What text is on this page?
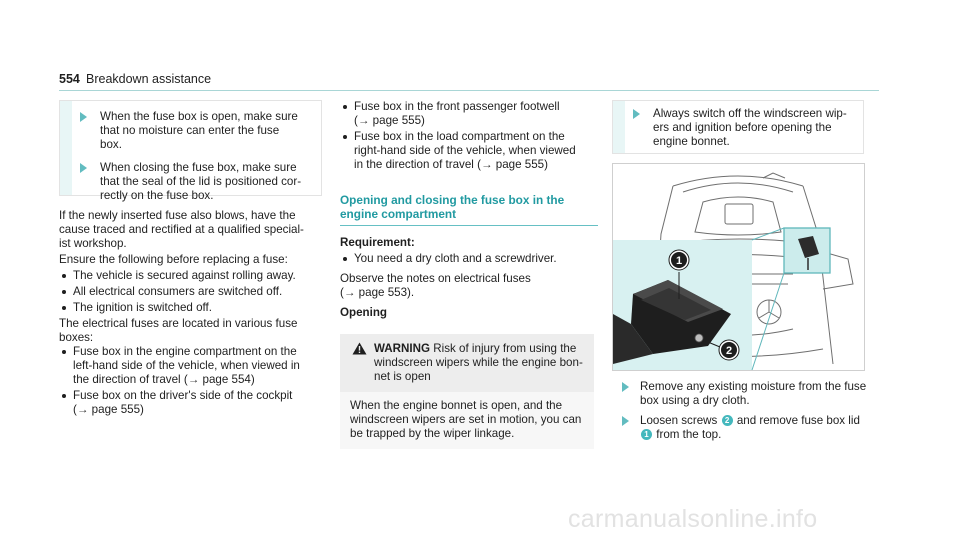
554 Breakdown assistance
When the fuse box is open, make sure
that no moisture can enter the fuse
box.
When closing the fuse box, make sure
that the seal of the lid is positioned cor-
rectly on the fuse box.
If the newly inserted fuse also blows, have the
cause traced and rectified at a qualified special-
ist workshop.
Ensure the following before replacing a fuse:
The vehicle is secured against rolling away.
All electrical consumers are switched off.
The ignition is switched off.
The electrical fuses are located in various fuse
boxes:
Fuse box in the engine compartment on the
left-hand side of the vehicle, when viewed in
the direction of travel (→ page 554)
Fuse box on the driver's side of the cockpit
(→ page 555)
Fuse box in the front passenger footwell
(→ page 555)
Fuse box in the load compartment on the
right-hand side of the vehicle, when viewed
in the direction of travel (→ page 555)
Opening and closing the fuse box in the
engine compartment
Requirement:
You need a dry cloth and a screwdriver.
Observe the notes on electrical fuses
(→ page 553).
Opening
WARNING Risk of injury from using the
windscreen wipers while the engine bon-
net is open
When the engine bonnet is open, and the
windscreen wipers are set in motion, you can
be trapped by the wiper linkage.
Always switch off the windscreen wip-
ers and ignition before opening the
engine bonnet.
1
2
Remove any existing moisture from the fuse
box using a dry cloth.
Loosen screws 2 and remove fuse box lid
1 from the top.
carmanualsonline.info
